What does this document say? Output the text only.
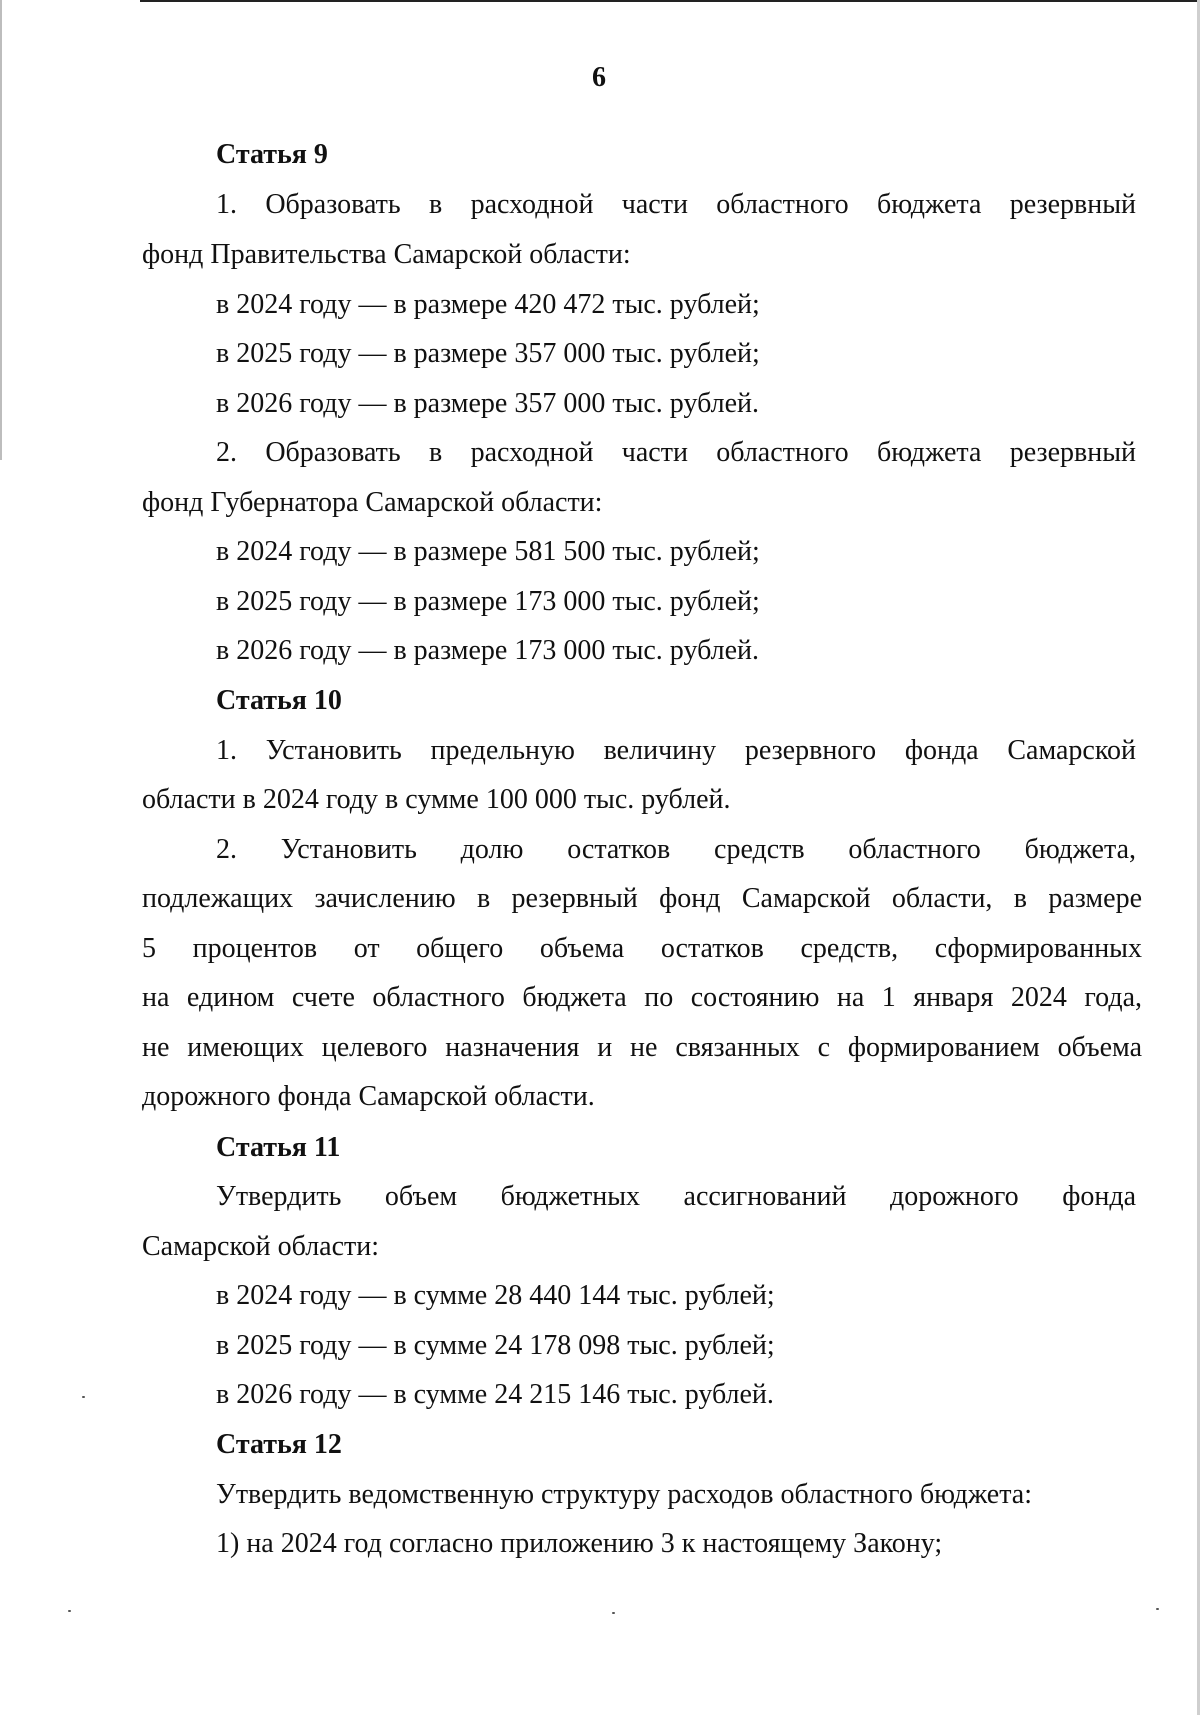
6
Статья 9
1. Образовать в расходной части областного бюджета резервный
фонд Правительства Самарской области:
в 2024 году — в размере 420 472 тыс. рублей;
в 2025 году — в размере 357 000 тыс. рублей;
в 2026 году — в размере 357 000 тыс. рублей.
2. Образовать в расходной части областного бюджета резервный
фонд Губернатора Самарской области:
в 2024 году — в размере 581 500 тыс. рублей;
в 2025 году — в размере 173 000 тыс. рублей;
в 2026 году — в размере 173 000 тыс. рублей.
Статья 10
1. Установить предельную величину резервного фонда Самарской
области в 2024 году в сумме 100 000 тыс. рублей.
2. Установить долю остатков средств областного бюджета,
подлежащих зачислению в резервный фонд Самарской области, в размере
5 процентов от общего объема остатков средств, сформированных
на едином счете областного бюджета по состоянию на 1 января 2024 года,
не имеющих целевого назначения и не связанных с формированием объема
дорожного фонда Самарской области.
Статья 11
Утвердить объем бюджетных ассигнований дорожного фонда
Самарской области:
в 2024 году — в сумме 28 440 144 тыс. рублей;
в 2025 году — в сумме 24 178 098 тыс. рублей;
в 2026 году — в сумме 24 215 146 тыс. рублей.
Статья 12
Утвердить ведомственную структуру расходов областного бюджета:
1) на 2024 год согласно приложению 3 к настоящему Закону;
